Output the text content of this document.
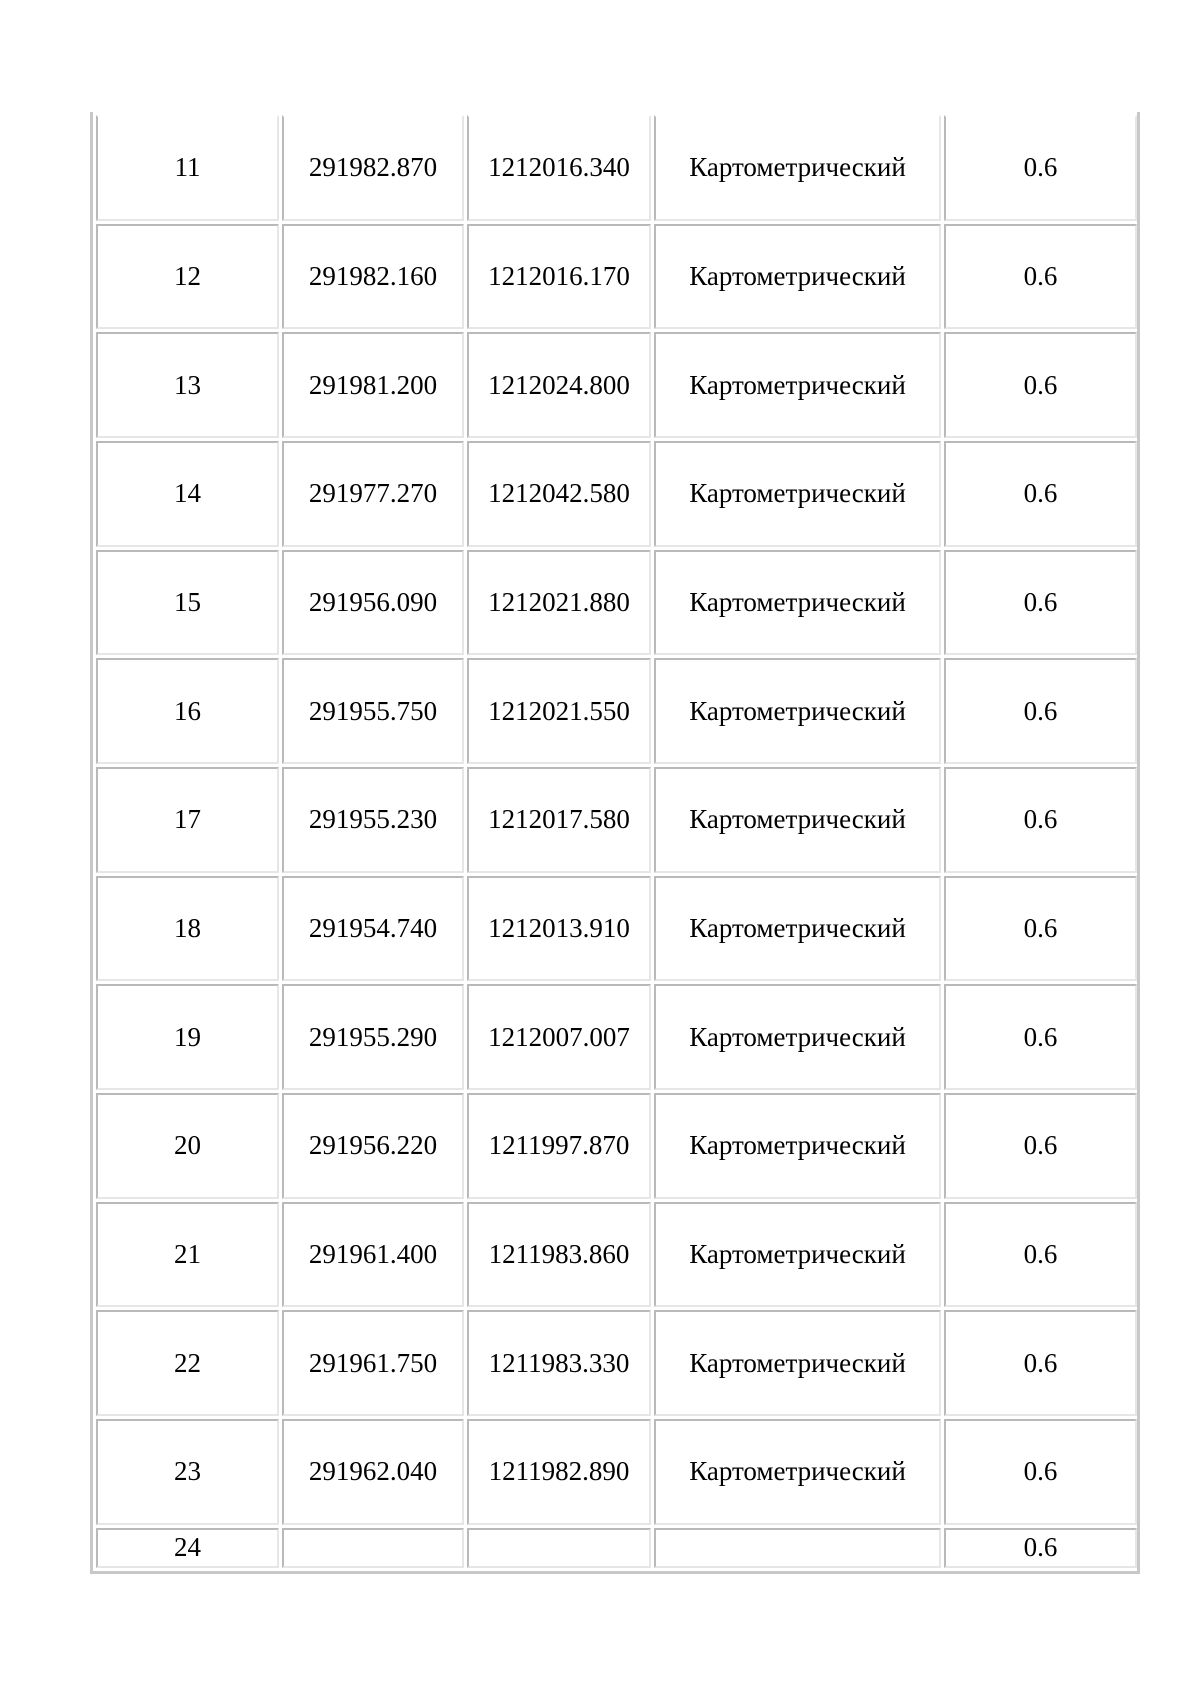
11	291982.870	1212016.340	Картометрический	0.6
12	291982.160	1212016.170	Картометрический	0.6
13	291981.200	1212024.800	Картометрический	0.6
14	291977.270	1212042.580	Картометрический	0.6
15	291956.090	1212021.880	Картометрический	0.6
16	291955.750	1212021.550	Картометрический	0.6
17	291955.230	1212017.580	Картометрический	0.6
18	291954.740	1212013.910	Картометрический	0.6
19	291955.290	1212007.007	Картометрический	0.6
20	291956.220	1211997.870	Картометрический	0.6
21	291961.400	1211983.860	Картометрический	0.6
22	291961.750	1211983.330	Картометрический	0.6
23	291962.040	1211982.890	Картометрический	0.6
24				0.6
